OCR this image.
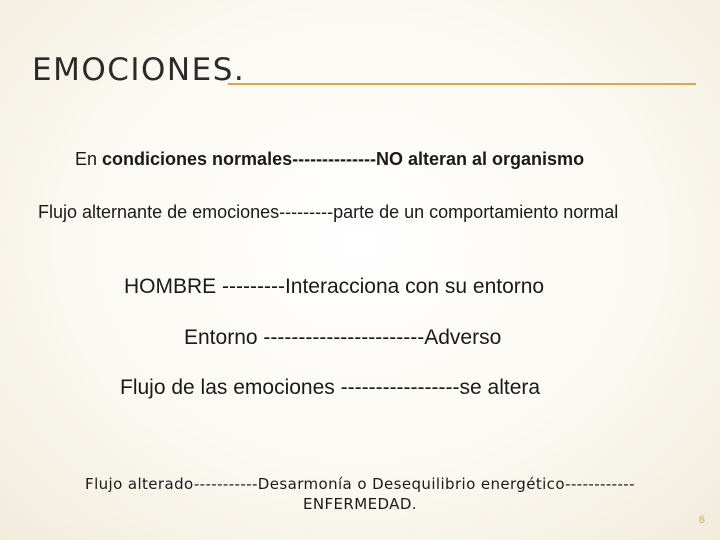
EMOCIONES.
En condiciones normales--------------NO alteran al organismo
Flujo alternante de emociones---------parte de un comportamiento normal
HOMBRE ---------Interacciona con su entorno
Entorno -----------------------Adverso
Flujo de las emociones -----------------se altera
Flujo alterado-----------Desarmonía o Desequilibrio energético------------
ENFERMEDAD.
6
